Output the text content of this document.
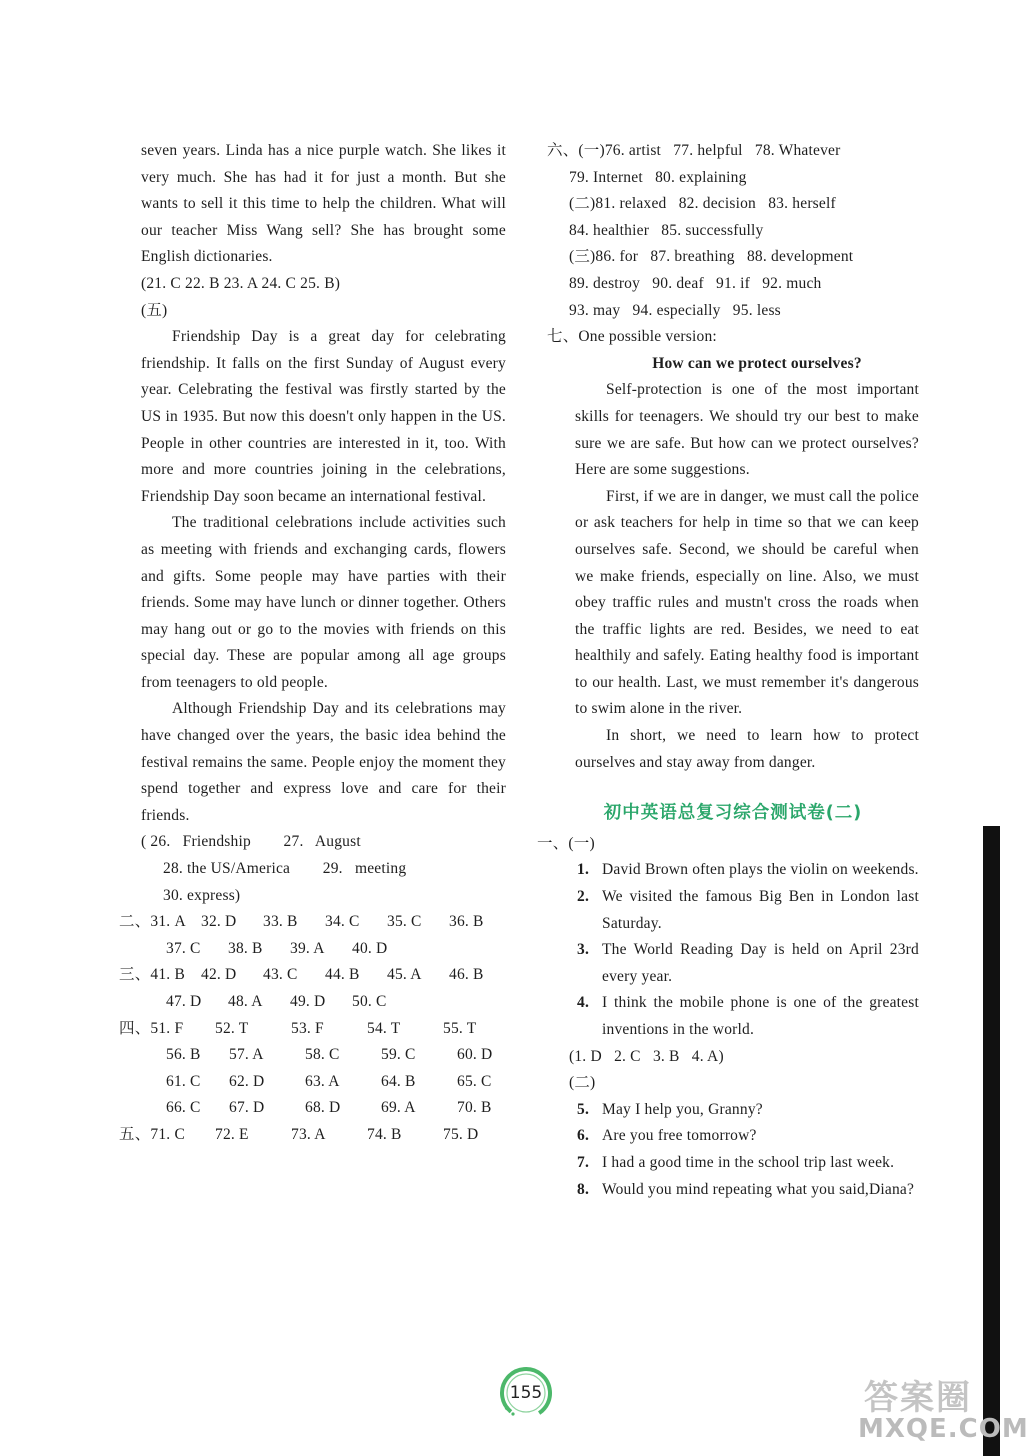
seven years. Linda has a nice purple watch. She likes it very much. She has had it for just a month. But she wants to sell it this time to help the children. What will our teacher Miss Wang sell? She has brought some English dictionaries.

(21. C 22. B 23. A 24. C 25. B)

(五)

Friendship Day is a great day for celebrating friendship. It falls on the first Sunday of August every year. Celebrating the festival was firstly started by the US in 1935. But now this doesn't only happen in the US. People in other countries are interested in it, too. With more and more countries joining in the celebrations, Friendship Day soon became an international festival.

The traditional celebrations include activities such as meeting with friends and exchanging cards, flowers and gifts. Some people may have parties with their friends. Some may have lunch or dinner together. Others may hang out or go to the movies with friends on this special day. These are popular among all age groups from teenagers to old people.

Although Friendship Day and its celebrations may have changed over the years, the basic idea behind the festival remains the same. People enjoy the moment they spend together and express love and care for their friends.

( 26.   Friendship        27.   August

28. the US/America        29.   meeting

30. express)

二、31. A 32. D	33. B	34. C	35. C	36. B
37. C	38. B	39. A	40. D
三、41. B 42. D	43. C	44. B	45. A	46. B
47. D	48. A	49. D	50. C
四、51. F	52. T	53. F	54. T	55. T
56. B	57. A	58. C	59. C	60. D
61. C	62. D	63. A	64. B	65. C
66. C	67. D	68. D	69. A	70. B
五、71. C	72. E	73. A	74. B	75. D

六、(一)76. artist   77. helpful   78. Whatever

79. Internet   80. explaining

(二)81. relaxed   82. decision   83. herself

84. healthier   85. successfully

(三)86. for   87. breathing   88. development

89. destroy   90. deaf   91. if   92. much

93. may   94. especially   95. less

七、One possible version:

How can we protect ourselves?

Self-protection is one of the most important skills for teenagers. We should try our best to make sure we are safe. But how can we protect ourselves? Here are some suggestions.

First, if we are in danger, we must call the police or ask teachers for help in time so that we can keep ourselves safe. Second, we should be careful when we make friends, especially on line. Also, we must obey traffic rules and mustn't cross the roads when the traffic lights are red. Besides, we need to eat healthily and safely. Eating healthy food is important to our health. Last, we must remember it's dangerous to swim alone in the river.

In short, we need to learn how to protect ourselves and stay away from danger.

初中英语总复习综合测试卷(二)

一、(一)

1. David Brown often plays the violin on weekends.
2. We visited the famous Big Ben in London last Saturday.
3. The World Reading Day is held on April 23rd every year.
4. I think the mobile phone is one of the greatest inventions in the world.

(1. D   2. C   3. B   4. A)

(二)

5. May I help you, Granny?
6. Are you free tomorrow?
7. I had a good time in the school trip last week.
8. Would you mind repeating what you said,Diana?
155	答案圈
MXQE.COM
